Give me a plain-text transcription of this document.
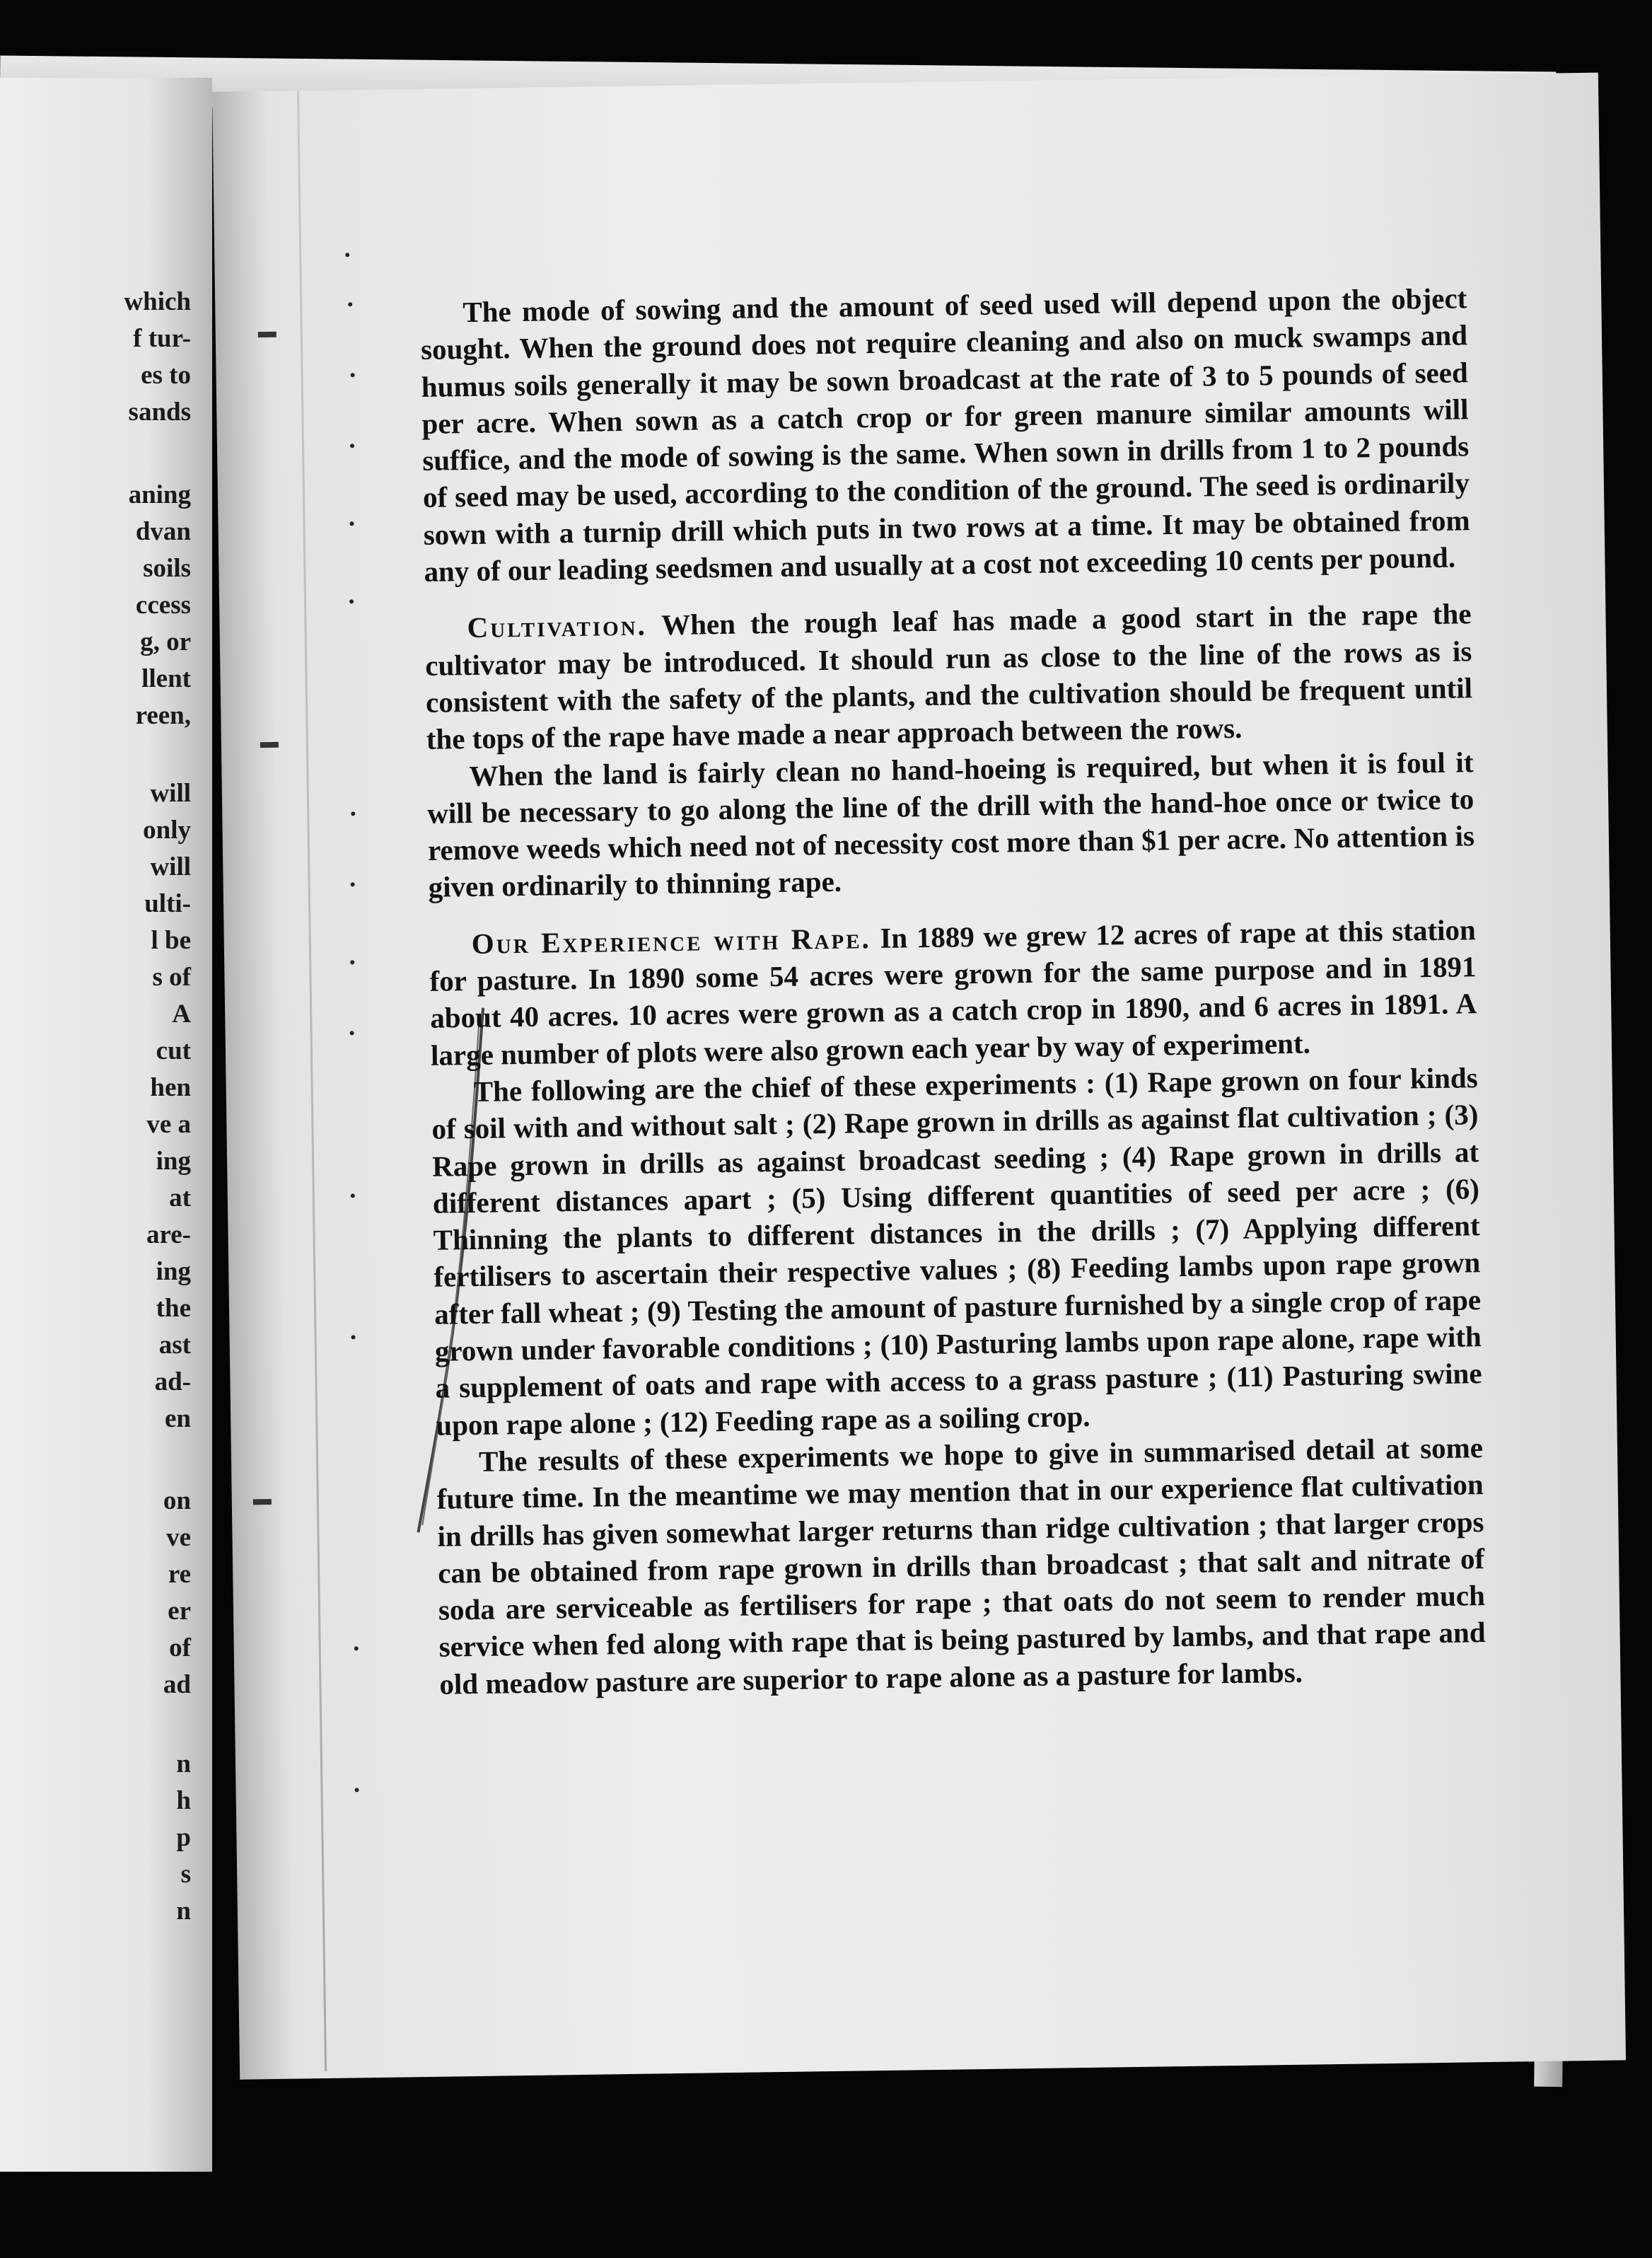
which
f tur-
es to
sands
aning
dvan
soils
ccess
g, or
llent
reen,
will
only
will
ulti-
l be
s of
A
cut
hen
ve a
ing
at
are-
ing
the
ast
ad-
en
on
ve
re
er
of
ad
n
h
p
s
n

The mode of sowing and the amount of seed used will depend upon the object sought. When the ground does not require cleaning and also on muck swamps and humus soils generally it may be sown broadcast at the rate of 3 to 5 pounds of seed per acre. When sown as a catch crop or for green manure similar amounts will suffice, and the mode of sowing is the same. When sown in drills from 1 to 2 pounds of seed may be used, according to the condition of the ground. The seed is ordinarily sown with a turnip drill which puts in two rows at a time. It may be obtained from any of our leading seedsmen and usually at a cost not exceeding 10 cents per pound.

Cultivation. When the rough leaf has made a good start in the rape the cultivator may be introduced. It should run as close to the line of the rows as is consistent with the safety of the plants, and the cultivation should be frequent until the tops of the rape have made a near approach between the rows.

When the land is fairly clean no hand-hoeing is required, but when it is foul it will be necessary to go along the line of the drill with the hand-hoe once or twice to remove weeds which need not of necessity cost more than $1 per acre. No attention is given ordinarily to thinning rape.

Our Experience with Rape. In 1889 we grew 12 acres of rape at this station for pasture. In 1890 some 54 acres were grown for the same purpose and in 1891 about 40 acres. 10 acres were grown as a catch crop in 1890, and 6 acres in 1891. A large number of plots were also grown each year by way of experiment.

The following are the chief of these experiments : (1) Rape grown on four kinds of soil with and without salt ; (2) Rape grown in drills as against flat cultivation ; (3) Rape grown in drills as against broadcast seeding ; (4) Rape grown in drills at different distances apart ; (5) Using different quantities of seed per acre ; (6) Thinning the plants to different distances in the drills ; (7) Applying different fertilisers to ascertain their respective values ; (8) Feeding lambs upon rape grown after fall wheat ; (9) Testing the amount of pasture furnished by a single crop of rape grown under favorable conditions ; (10) Pasturing lambs upon rape alone, rape with a supplement of oats and rape with access to a grass pasture ; (11) Pasturing swine upon rape alone ; (12) Feeding rape as a soiling crop.

The results of these experiments we hope to give in summarised detail at some future time. In the meantime we may mention that in our experience flat cultivation in drills has given somewhat larger returns than ridge cultivation ; that larger crops can be obtained from rape grown in drills than broadcast ; that salt and nitrate of soda are serviceable as fertilisers for rape ; that oats do not seem to render much service when fed along with rape that is being pastured by lambs, and that rape and old meadow pasture are superior to rape alone as a pasture for lambs.
